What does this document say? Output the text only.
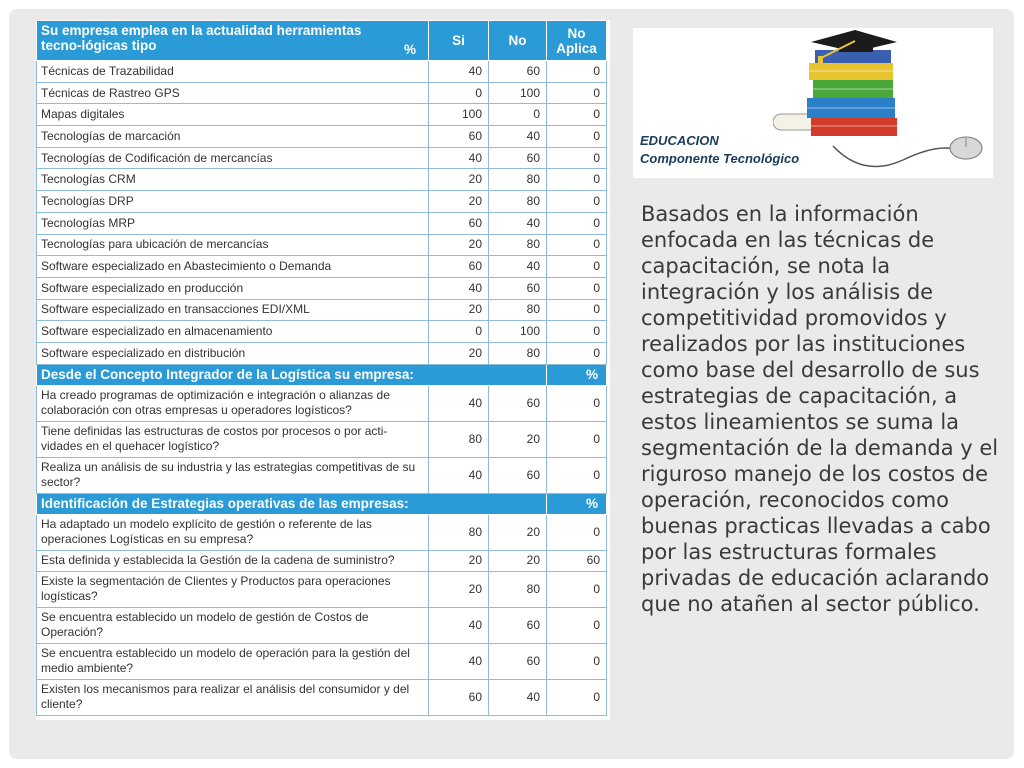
Su empresa emplea en la actualidad herramientas tecno-lógicas tipo %	Si	No	No Aplica
Técnicas de Trazabilidad	40	60	0
Técnicas de Rastreo GPS	0	100	0
Mapas digitales	100	0	0
Tecnologías de marcación	60	40	0
Tecnologías de Codificación de mercancías	40	60	0
Tecnologías CRM	20	80	0
Tecnologías DRP	20	80	0
Tecnologías MRP	60	40	0
Tecnologías para ubicación de mercancías	20	80	0
Software especializado en Abastecimiento o Demanda	60	40	0
Software especializado en producción	40	60	0
Software especializado en transacciones EDI/XML	20	80	0
Software especializado en almacenamiento	0	100	0
Software especializado en distribución	20	80	0
Desde el Concepto Integrador de la Logística su empresa:			%
Ha creado programas de optimización e integración o alianzas de colaboración con otras empresas u operadores logísticos?	40	60	0
Tiene definidas las estructuras de costos por procesos o por acti-vidades en el quehacer logístico?	80	20	0
Realiza un análisis de su industria y las estrategias competitivas de su sector?	40	60	0
Identificación de Estrategias operativas de las empresas:			%
Ha adaptado un modelo explícito de gestión o referente de las operaciones Logísticas en su empresa?	80	20	0
Esta definida y establecida la Gestión de la cadena de suministro?	20	20	60
Existe la segmentación de Clientes y Productos para operaciones logísticas?	20	80	0
Se encuentra establecido un modelo de gestión de Costos de Operación?	40	60	0
Se encuentra establecido un modelo de operación para la gestión del medio ambiente?	40	60	0
Existen los mecanismos para realizar el análisis del consumidor y del cliente?	60	40	0
EDUCACION
Componente Tecnológico
Basados en la información enfocada en las técnicas de capacitación, se nota la integración y los análisis de competitividad promovidos y realizados por las instituciones como base del desarrollo de sus estrategias de capacitación, a estos lineamientos se suma la segmentación de la demanda y el riguroso manejo de los costos de operación, reconocidos como buenas practicas llevadas a cabo por las estructuras formales privadas de educación aclarando que no atañen al sector público.
